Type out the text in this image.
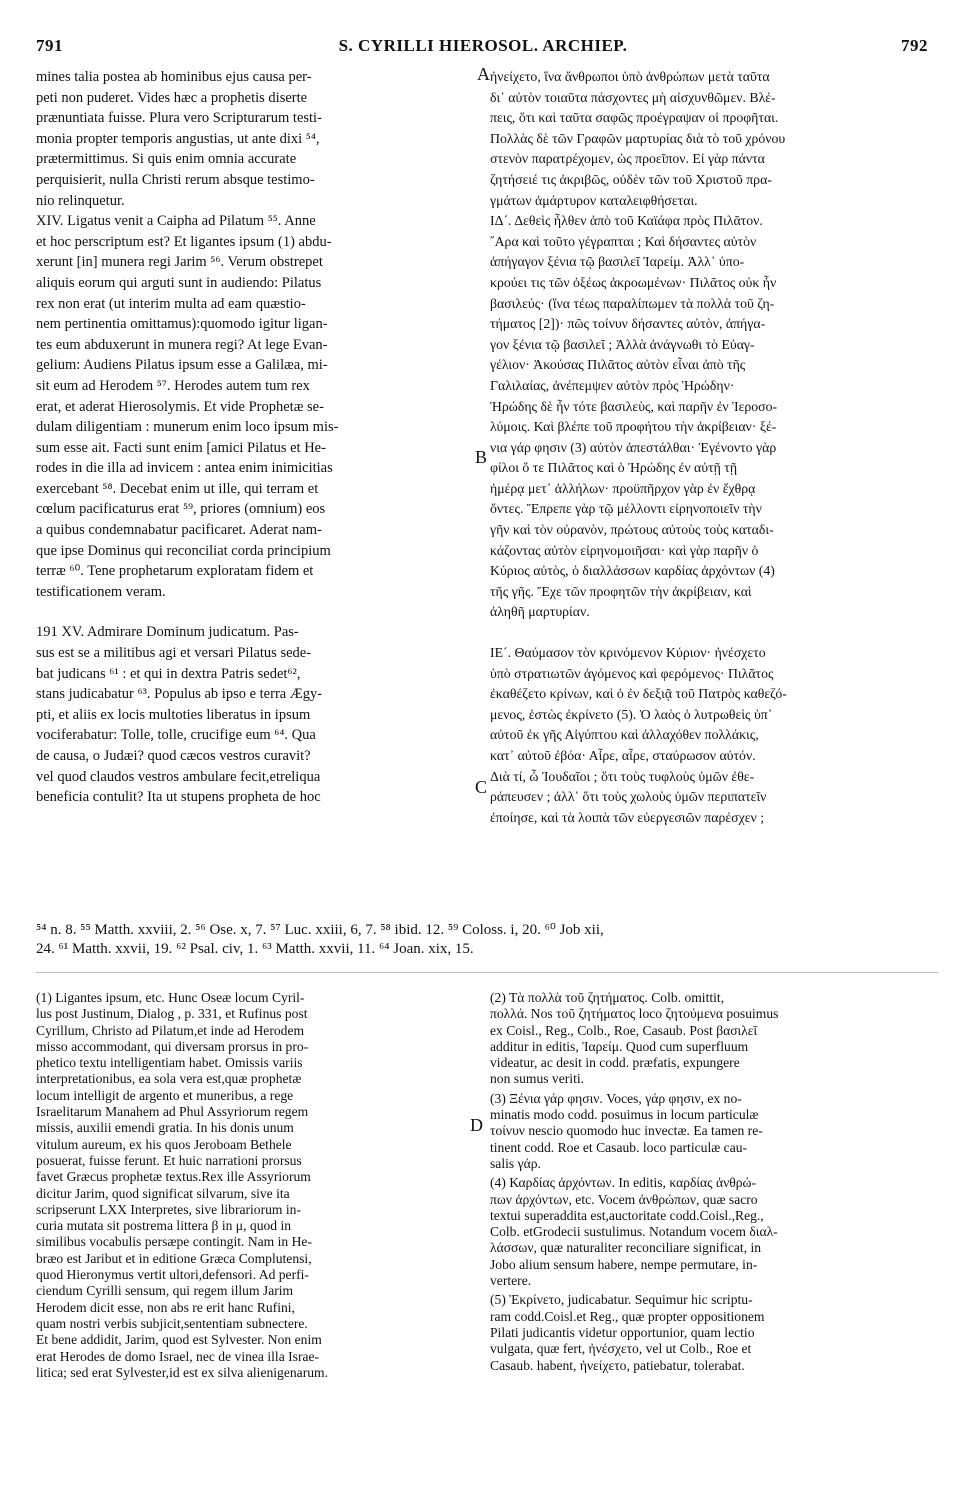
791	S. CYRILLI HIEROSOL. ARCHIEP.	792

mines talia postea ab hominibus ejus causa per-
peti non puderet. Vides hæc a prophetis diserte
prænuntiata fuisse. Plura vero Scripturarum testi-
monia propter temporis angustias, ut ante dixi ⁵⁴,
prætermittimus. Si quis enim omnia accurate
perquisierit, nulla Christi rerum absque testimo-
nio relinquetur.

XIV. Ligatus venit a Caipha ad Pilatum ⁵⁵. Anne
et hoc perscriptum est? Et ligantes ipsum (1) abdu-
xerunt [in] munera regi Jarim ⁵⁶. Verum obstrepet
aliquis eorum qui arguti sunt in audiendo: Pilatus
rex non erat (ut interim multa ad eam quæstio-
nem pertinentia omittamus):quomodo igitur ligan-
tes eum abduxerunt in munera regi? At lege Evan-
gelium: Audiens Pilatus ipsum esse a Galilæa, mi-
sit eum ad Herodem ⁵⁷. Herodes autem tum rex
erat, et aderat Hierosolymis. Et vide Prophetæ se-
dulam diligentiam : munerum enim loco ipsum mis-
sum esse ait. Facti sunt enim [amici Pilatus et He-
rodes in die illa ad invicem : antea enim inimicitias
exercebant ⁵⁸. Decebat enim ut ille, qui terram et
cœlum pacificaturus erat ⁵⁹, priores (omnium) eos
a quibus condemnabatur pacificaret. Aderat nam-
que ipse Dominus qui reconciliat corda principium
terræ ⁶⁰. Tene prophetarum exploratam fidem et
testificationem veram.

191 XV. Admirare Dominum judicatum. Pas-
sus est se a militibus agi et versari Pilatus sede-
bat judicans ⁶¹ : et qui in dextra Patris sedet⁶²,
stans judicabatur ⁶³. Populus ab ipso e terra Ægy-
pti, et aliis ex locis multoties liberatus in ipsum
vociferabatur: Tolle, tolle, crucifige eum ⁶⁴. Qua
de causa, o Judæi? quod cæcos vestros curavit?
vel quod claudos vestros ambulare fecit,etreliqua
beneficia contulit? Ita ut stupens propheta de hoc

ἠνείχετο, ἵνα ἄνθρωποι ὑπὸ ἀνθρώπων μετὰ ταῦτα
δι᾽ αὐτὸν τοιαῦτα πάσχοντες μὴ αἰσχυνθῶμεν. Βλέ-
πεις, ὅτι καὶ ταῦτα σαφῶς προέγραψαν οἱ προφῆται.
Πολλὰς δὲ τῶν Γραφῶν μαρτυρίας διὰ τὸ τοῦ χρόνου
στενὸν παρατρέχομεν, ὡς προεῖπον. Εἰ γὰρ πάντα
ζητήσειέ τις ἀκριβῶς, οὐδὲν τῶν τοῦ Χριστοῦ πρα-
γμάτων ἀμάρτυρον καταλειφθήσεται.

ΙΔ´. Δεθεὶς ἦλθεν ἀπὸ τοῦ Καϊάφα πρὸς Πιλᾶτον.
῎Αρα καὶ τοῦτο γέγραπται ; Καὶ δήσαντες αὐτὸν
ἀπήγαγον ξένια τῷ βασιλεῖ Ἰαρείμ. Ἀλλ᾽ ὑπο-
κρούει τις τῶν ὀξέως ἀκροωμένων· Πιλᾶτος οὐκ ἦν
βασιλεύς· (ἵνα τέως παραλίπωμεν τὰ πολλὰ τοῦ ζη-
τήματος [2])· πῶς τοίνυν δήσαντες αὐτὸν, ἀπήγα-
γον ξένια τῷ βασιλεῖ ; Ἀλλὰ ἀνάγνωθι τὸ Εὐαγ-
γέλιον· Ἀκούσας Πιλᾶτος αὐτὸν εἶναι ἀπὸ τῆς
Γαλιλαίας, ἀνέπεμψεν αὐτὸν πρὸς Ἡρώδην·
Ἡρώδης δὲ ἦν τότε βασιλεὺς, καὶ παρῆν ἐν Ἱεροσο-
λύμοις. Καὶ βλέπε τοῦ προφήτου τὴν ἀκρίβειαν· ξέ-
νια γάρ φησιν (3) αὐτὸν ἀπεστάλθαι· Ἐγένοντο γὰρ
φίλοι ὅ τε Πιλᾶτος καὶ ὁ Ἡρώδης ἐν αὐτῇ τῇ
ἡμέρᾳ μετ᾽ ἀλλήλων· προϋπῆρχον γὰρ ἐν ἔχθρᾳ
ὄντες. Ἔπρεπε γὰρ τῷ μέλλοντι εἰρηνοποιεῖν τὴν
γῆν καὶ τὸν οὐρανὸν, πρώτους αὐτοὺς τοὺς καταδι-
κάζοντας αὐτὸν εἰρηνομοιῆσαι· καὶ γὰρ παρῆν ὁ
Κύριος αὐτὸς, ὁ διαλλάσσων καρδίας ἀρχόντων (4)
τῆς γῆς. Ἔχε τῶν προφητῶν τὴν ἀκρίβειαν, καὶ
ἀληθῆ μαρτυρίαν.

ΙΕ´. Θαύμασον τὸν κρινόμενον Κύριον· ἠνέσχετο
ὑπὸ στρατιωτῶν ἀγόμενος καὶ φερόμενος· Πιλᾶτος
ἐκαθέζετο κρίνων, καὶ ὁ ἐν δεξιᾷ τοῦ Πατρὸς καθεζό-
μενος, ἑστὼς ἐκρίνετο (5). Ὁ λαὸς ὁ λυτρωθεὶς ὑπ᾽
αὐτοῦ ἐκ γῆς Αἰγύπτου καὶ ἀλλαχόθεν πολλάκις,
κατ᾽ αὐτοῦ ἐβόα· Αἶρε, αἶρε, σταύρωσον αὐτόν.
Διὰ τί, ὦ Ἰουδαῖοι ; ὅτι τοὺς τυφλοὺς ὑμῶν ἐθε-
ράπευσεν ; ἀλλ᾽ ὅτι τοὺς χωλοὺς ὑμῶν περιπατεῖν
ἐποίησε, καὶ τὰ λοιπὰ τῶν εὐεργεσιῶν παρέσχεν ;

A
B
C
D
⁵⁴ n. 8. ⁵⁵ Matth. xxviii, 2. ⁵⁶ Ose. x, 7. ⁵⁷ Luc. xxiii, 6, 7. ⁵⁸ ibid. 12. ⁵⁹ Coloss. i, 20. ⁶⁰ Job xii,
24. ⁶¹ Matth. xxvii, 19. ⁶² Psal. civ, 1. ⁶³ Matth. xxvii, 11. ⁶⁴ Joan. xix, 15.

(1) Ligantes ipsum, etc. Hunc Oseæ locum Cyril-
lus post Justinum, Dialog , p. 331, et Rufinus post
Cyrillum, Christo ad Pilatum,et inde ad Herodem
misso accommodant, qui diversam prorsus in pro-
phetico textu intelligentiam habet. Omissis variis
interpretationibus, ea sola vera est,quæ prophetæ
locum intelligit de argento et muneribus, a rege
Israelitarum Manahem ad Phul Assyriorum regem
missis, auxilii emendi gratia. In his donis unum
vitulum aureum, ex his quos Jeroboam Bethele
posuerat, fuisse ferunt. Et huic narrationi prorsus
favet Græcus prophetæ textus.Rex ille Assyriorum
dicitur Jarim, quod significat silvarum, sive ita
scripserunt LXX Interpretes, sive librariorum in-
curia mutata sit postrema littera β in μ, quod in
similibus vocabulis persæpe contingit. Nam in He-
bræo est Jaribut et in editione Græca Complutensi,
quod Hieronymus vertit ultori,defensori. Ad perfi-
ciendum Cyrilli sensum, qui regem illum Jarim
Herodem dicit esse, non abs re erit hanc Rufini,
quam nostri verbis subjicit,sententiam subnectere.
Et bene addidit, Jarim, quod est Sylvester. Non enim
erat Herodes de domo Israel, nec de vinea illa Israe-
litica; sed erat Sylvester,id est ex silva alienigenarum.

(2) Τὰ πολλὰ τοῦ ζητήματος. Colb. omittit,
πολλά. Nos τοῦ ζητήματος loco ζητούμενα posuimus
ex Coisl., Reg., Colb., Roe, Casaub. Post βασιλεῖ
additur in editis, Ἰαρείμ. Quod cum superfluum
videatur, ac desit in codd. præfatis, expungere
non sumus veriti.

(3) Ξένια γάρ φησιν. Voces, γάρ φησιν, ex no-
minatis modo codd. posuimus in locum particulæ
τοίνυν nescio quomodo huc invectæ. Ea tamen re-
tinent codd. Roe et Casaub. loco particulæ cau-
salis γάρ.

(4) Καρδίας ἀρχόντων. In editis, καρδίας ἀνθρώ-
πων ἀρχόντων, etc. Vocem ἀνθρώπων, quæ sacro
textui superaddita est,auctoritate codd.Coisl.,Reg.,
Colb. etGrodecii sustulimus. Notandum vocem διαλ-
λάσσων, quæ naturaliter reconciliare significat, in
Jobo alium sensum habere, nempe permutare, in-
vertere.

(5) Ἐκρίνετο, judicabatur. Sequimur hic scriptu-
ram codd.Coisl.et Reg., quæ propter oppositionem
Pilati judicantis videtur opportunior, quam lectio
vulgata, quæ fert, ἠνέσχετο, vel ut Colb., Roe et
Casaub. habent, ἠνείχετο, patiebatur, tolerabat.
